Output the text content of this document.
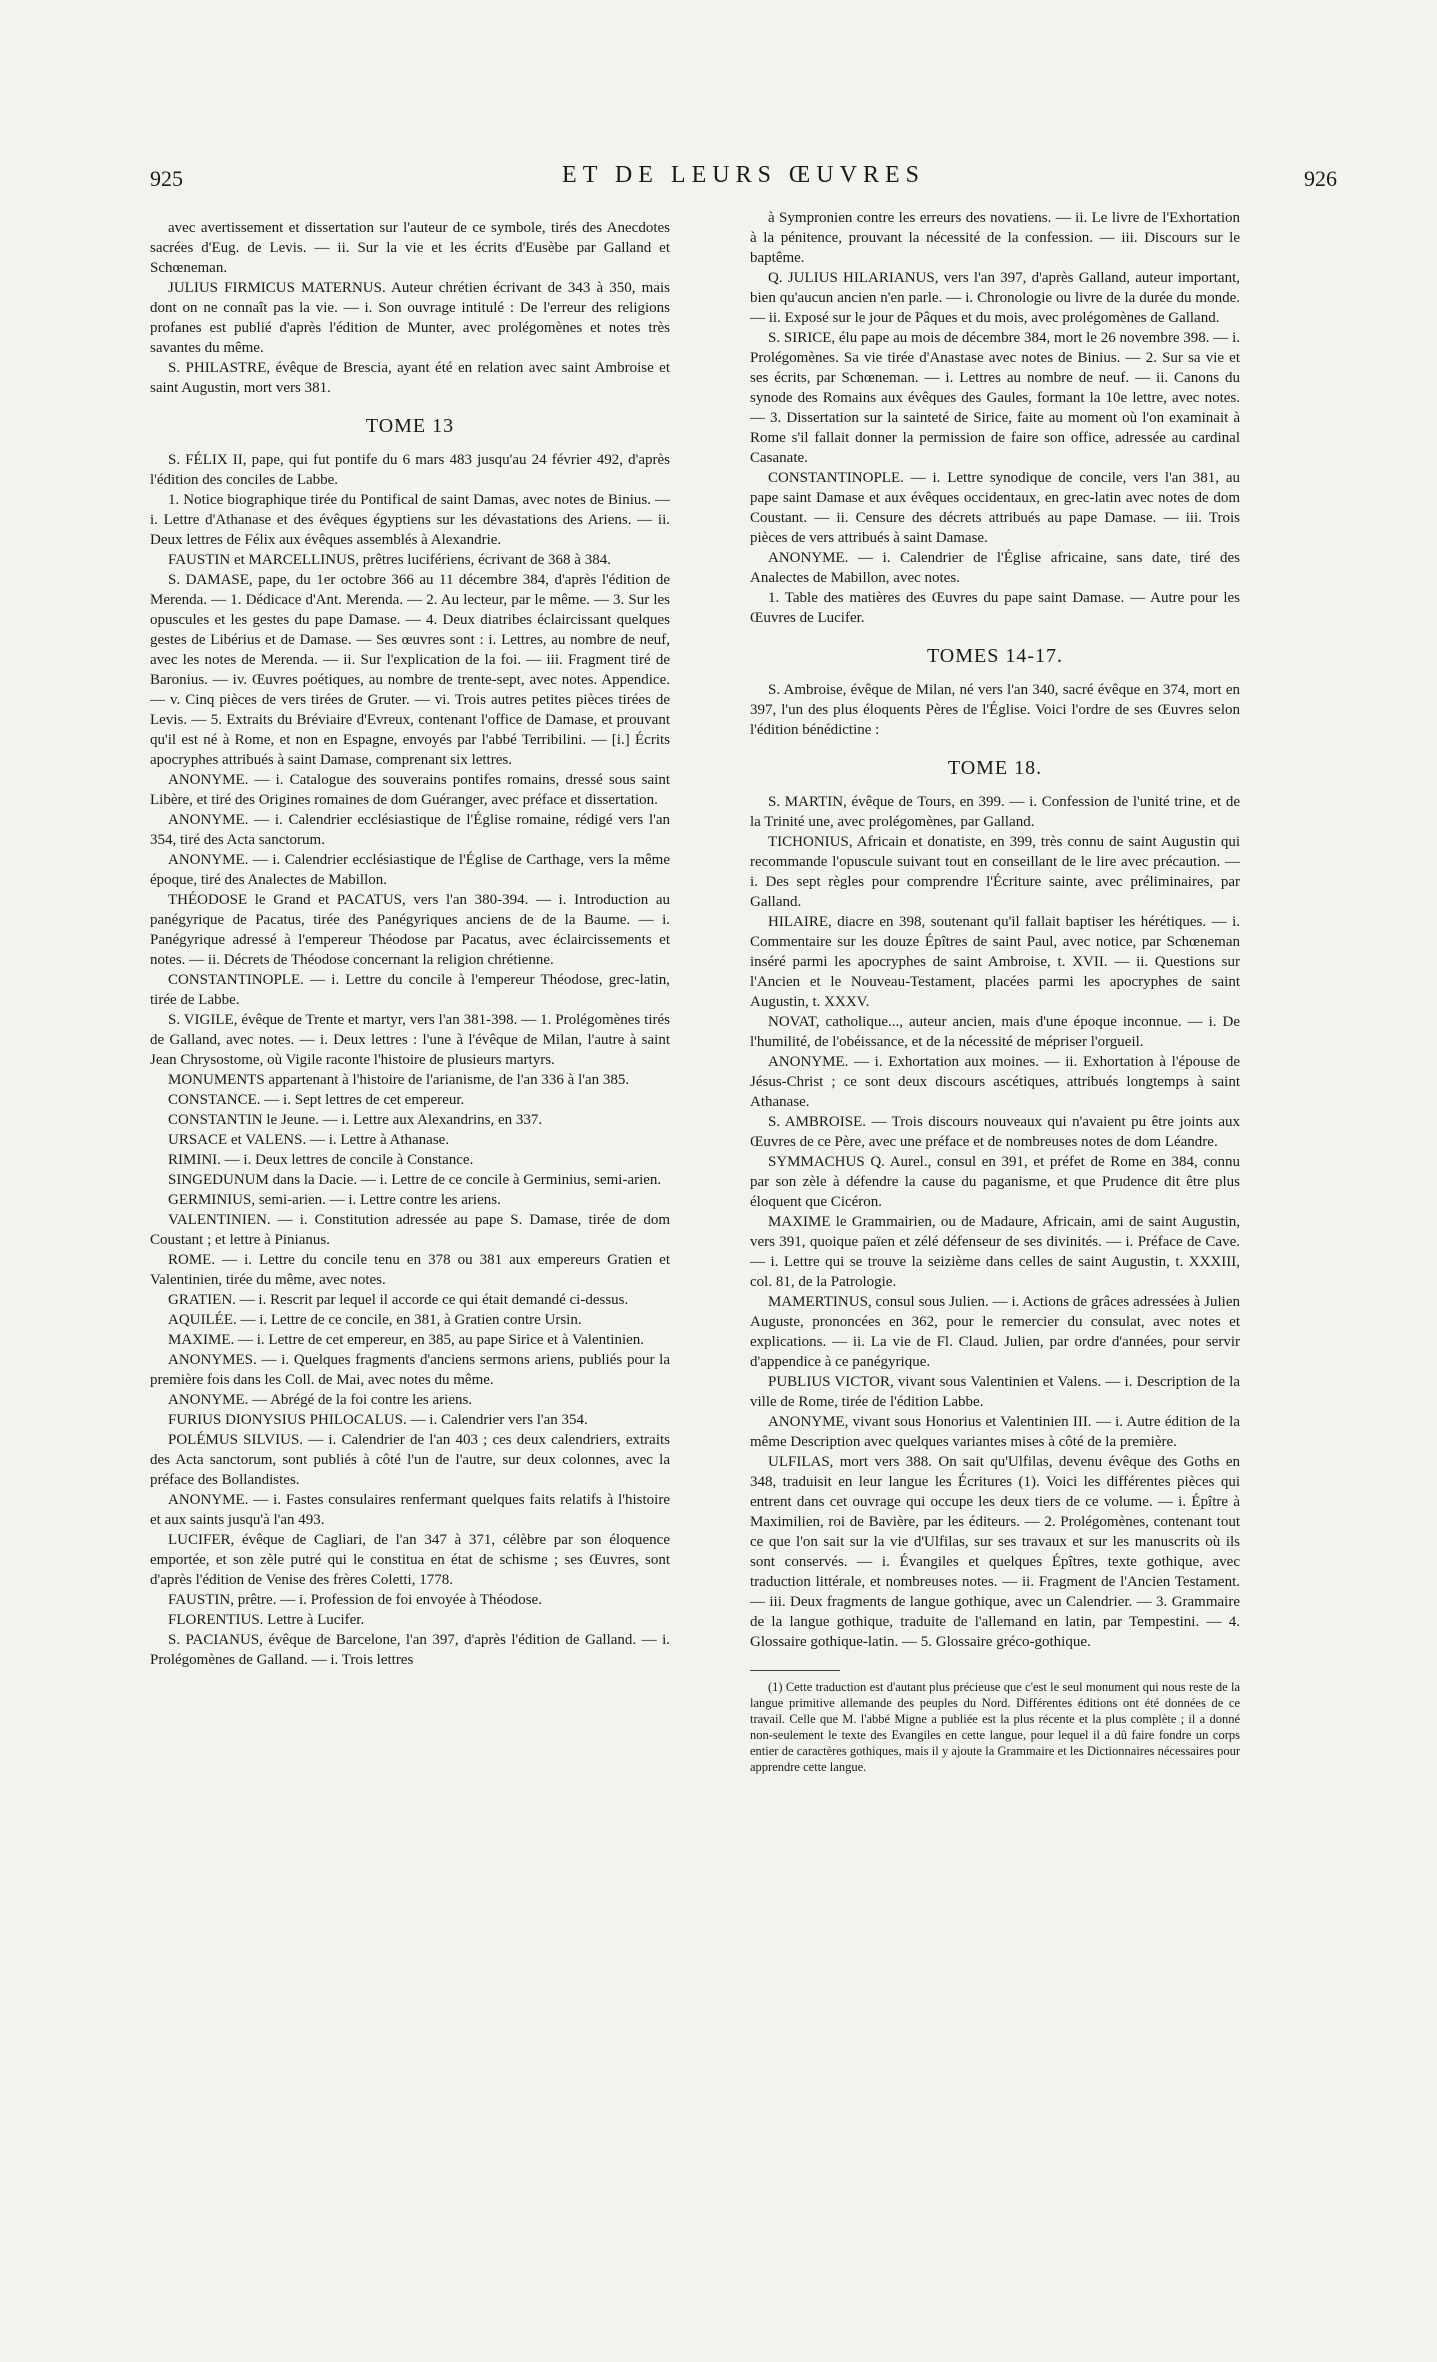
925	ET DE LEURS ŒUVRES	926

avec avertissement et dissertation sur l'auteur de ce symbole, tirés des Anecdotes sacrées d'Eug. de Levis. — ii. Sur la vie et les écrits d'Eusèbe par Galland et Schœneman.

JULIUS FIRMICUS MATERNUS. Auteur chrétien écrivant de 343 à 350, mais dont on ne connaît pas la vie. — i. Son ouvrage intitulé : De l'erreur des religions profanes est publié d'après l'édition de Munter, avec prolégomènes et notes très savantes du même.

S. PHILASTRE, évêque de Brescia, ayant été en relation avec saint Ambroise et saint Augustin, mort vers 381.

TOME 13

S. FÉLIX II, pape, qui fut pontife du 6 mars 483 jusqu'au 24 février 492, d'après l'édition des conciles de Labbe.

1. Notice biographique tirée du Pontifical de saint Damas, avec notes de Binius. — i. Lettre d'Athanase et des évêques égyptiens sur les dévastations des Ariens. — ii. Deux lettres de Félix aux évêques assemblés à Alexandrie.

FAUSTIN et MARCELLINUS, prêtres lucifériens, écrivant de 368 à 384.

S. DAMASE, pape, du 1er octobre 366 au 11 décembre 384, d'après l'édition de Merenda. — 1. Dédicace d'Ant. Merenda. — 2. Au lecteur, par le même. — 3. Sur les opuscules et les gestes du pape Damase. — 4. Deux diatribes éclaircissant quelques gestes de Libérius et de Damase. — Ses œuvres sont : i. Lettres, au nombre de neuf, avec les notes de Merenda. — ii. Sur l'explication de la foi. — iii. Fragment tiré de Baronius. — iv. Œuvres poétiques, au nombre de trente-sept, avec notes. Appendice. — v. Cinq pièces de vers tirées de Gruter. — vi. Trois autres petites pièces tirées de Levis. — 5. Extraits du Bréviaire d'Evreux, contenant l'office de Damase, et prouvant qu'il est né à Rome, et non en Espagne, envoyés par l'abbé Terribilini. — [i.] Écrits apocryphes attribués à saint Damase, comprenant six lettres.

ANONYME. — i. Catalogue des souverains pontifes romains, dressé sous saint Libère, et tiré des Origines romaines de dom Guéranger, avec préface et dissertation.

ANONYME. — i. Calendrier ecclésiastique de l'Église romaine, rédigé vers l'an 354, tiré des Acta sanctorum.

ANONYME. — i. Calendrier ecclésiastique de l'Église de Carthage, vers la même époque, tiré des Analectes de Mabillon.

THÉODOSE le Grand et PACATUS, vers l'an 380-394. — i. Introduction au panégyrique de Pacatus, tirée des Panégyriques anciens de de la Baume. — i. Panégyrique adressé à l'empereur Théodose par Pacatus, avec éclaircissements et notes. — ii. Décrets de Théodose concernant la religion chrétienne.

CONSTANTINOPLE. — i. Lettre du concile à l'empereur Théodose, grec-latin, tirée de Labbe.

S. VIGILE, évêque de Trente et martyr, vers l'an 381-398. — 1. Prolégomènes tirés de Galland, avec notes. — i. Deux lettres : l'une à l'évêque de Milan, l'autre à saint Jean Chrysostome, où Vigile raconte l'histoire de plusieurs martyrs.

MONUMENTS appartenant à l'histoire de l'arianisme, de l'an 336 à l'an 385.

CONSTANCE. — i. Sept lettres de cet empereur.

CONSTANTIN le Jeune. — i. Lettre aux Alexandrins, en 337.

URSACE et VALENS. — i. Lettre à Athanase.

RIMINI. — i. Deux lettres de concile à Constance.

SINGEDUNUM dans la Dacie. — i. Lettre de ce concile à Germinius, semi-arien.

GERMINIUS, semi-arien. — i. Lettre contre les ariens.

VALENTINIEN. — i. Constitution adressée au pape S. Damase, tirée de dom Coustant ; et lettre à Pinianus.

ROME. — i. Lettre du concile tenu en 378 ou 381 aux empereurs Gratien et Valentinien, tirée du même, avec notes.

GRATIEN. — i. Rescrit par lequel il accorde ce qui était demandé ci-dessus.

AQUILÉE. — i. Lettre de ce concile, en 381, à Gratien contre Ursin.

MAXIME. — i. Lettre de cet empereur, en 385, au pape Sirice et à Valentinien.

ANONYMES. — i. Quelques fragments d'anciens sermons ariens, publiés pour la première fois dans les Coll. de Mai, avec notes du même.

ANONYME. — Abrégé de la foi contre les ariens.

FURIUS DIONYSIUS PHILOCALUS. — i. Calendrier vers l'an 354.

POLÉMUS SILVIUS. — i. Calendrier de l'an 403 ; ces deux calendriers, extraits des Acta sanctorum, sont publiés à côté l'un de l'autre, sur deux colonnes, avec la préface des Bollandistes.

ANONYME. — i. Fastes consulaires renfermant quelques faits relatifs à l'histoire et aux saints jusqu'à l'an 493.

LUCIFER, évêque de Cagliari, de l'an 347 à 371, célèbre par son éloquence emportée, et son zèle putré qui le constitua en état de schisme ; ses Œuvres, sont d'après l'édition de Venise des frères Coletti, 1778.

FAUSTIN, prêtre. — i. Profession de foi envoyée à Théodose.

FLORENTIUS. Lettre à Lucifer.

S. PACIANUS, évêque de Barcelone, l'an 397, d'après l'édition de Galland. — i. Prolégomènes de Galland. — i. Trois lettres

à Sympronien contre les erreurs des novatiens. — ii. Le livre de l'Exhortation à la pénitence, prouvant la nécessité de la confession. — iii. Discours sur le baptême.

Q. JULIUS HILARIANUS, vers l'an 397, d'après Galland, auteur important, bien qu'aucun ancien n'en parle. — i. Chronologie ou livre de la durée du monde. — ii. Exposé sur le jour de Pâques et du mois, avec prolégomènes de Galland.

S. SIRICE, élu pape au mois de décembre 384, mort le 26 novembre 398. — i. Prolégomènes. Sa vie tirée d'Anastase avec notes de Binius. — 2. Sur sa vie et ses écrits, par Schœneman. — i. Lettres au nombre de neuf. — ii. Canons du synode des Romains aux évêques des Gaules, formant la 10e lettre, avec notes. — 3. Dissertation sur la sainteté de Sirice, faite au moment où l'on examinait à Rome s'il fallait donner la permission de faire son office, adressée au cardinal Casanate.

CONSTANTINOPLE. — i. Lettre synodique de concile, vers l'an 381, au pape saint Damase et aux évêques occidentaux, en grec-latin avec notes de dom Coustant. — ii. Censure des décrets attribués au pape Damase. — iii. Trois pièces de vers attribués à saint Damase.

ANONYME. — i. Calendrier de l'Église africaine, sans date, tiré des Analectes de Mabillon, avec notes.

1. Table des matières des Œuvres du pape saint Damase. — Autre pour les Œuvres de Lucifer.

TOMES 14-17.

S. Ambroise, évêque de Milan, né vers l'an 340, sacré évêque en 374, mort en 397, l'un des plus éloquents Pères de l'Église. Voici l'ordre de ses Œuvres selon l'édition bénédictine :

TOME 18.

S. MARTIN, évêque de Tours, en 399. — i. Confession de l'unité trine, et de la Trinité une, avec prolégomènes, par Galland.

TICHONIUS, Africain et donatiste, en 399, très connu de saint Augustin qui recommande l'opuscule suivant tout en conseillant de le lire avec précaution. — i. Des sept règles pour comprendre l'Écriture sainte, avec préliminaires, par Galland.

HILAIRE, diacre en 398, soutenant qu'il fallait baptiser les hérétiques. — i. Commentaire sur les douze Épîtres de saint Paul, avec notice, par Schœneman inséré parmi les apocryphes de saint Ambroise, t. XVII. — ii. Questions sur l'Ancien et le Nouveau-Testament, placées parmi les apocryphes de saint Augustin, t. XXXV.

NOVAT, catholique..., auteur ancien, mais d'une époque inconnue. — i. De l'humilité, de l'obéissance, et de la nécessité de mépriser l'orgueil.

ANONYME. — i. Exhortation aux moines. — ii. Exhortation à l'épouse de Jésus-Christ ; ce sont deux discours ascétiques, attribués longtemps à saint Athanase.

S. AMBROISE. — Trois discours nouveaux qui n'avaient pu être joints aux Œuvres de ce Père, avec une préface et de nombreuses notes de dom Léandre.

SYMMACHUS Q. Aurel., consul en 391, et préfet de Rome en 384, connu par son zèle à défendre la cause du paganisme, et que Prudence dit être plus éloquent que Cicéron.

MAXIME le Grammairien, ou de Madaure, Africain, ami de saint Augustin, vers 391, quoique païen et zélé défenseur de ses divinités. — i. Préface de Cave. — i. Lettre qui se trouve la seizième dans celles de saint Augustin, t. XXXIII, col. 81, de la Patrologie.

MAMERTINUS, consul sous Julien. — i. Actions de grâces adressées à Julien Auguste, prononcées en 362, pour le remercier du consulat, avec notes et explications. — ii. La vie de Fl. Claud. Julien, par ordre d'années, pour servir d'appendice à ce panégyrique.

PUBLIUS VICTOR, vivant sous Valentinien et Valens. — i. Description de la ville de Rome, tirée de l'édition Labbe.

ANONYME, vivant sous Honorius et Valentinien III. — i. Autre édition de la même Description avec quelques variantes mises à côté de la première.

ULFILAS, mort vers 388. On sait qu'Ulfilas, devenu évêque des Goths en 348, traduisit en leur langue les Écritures (1). Voici les différentes pièces qui entrent dans cet ouvrage qui occupe les deux tiers de ce volume. — i. Épître à Maximilien, roi de Bavière, par les éditeurs. — 2. Prolégomènes, contenant tout ce que l'on sait sur la vie d'Ulfilas, sur ses travaux et sur les manuscrits où ils sont conservés. — i. Évangiles et quelques Épîtres, texte gothique, avec traduction littérale, et nombreuses notes. — ii. Fragment de l'Ancien Testament. — iii. Deux fragments de langue gothique, avec un Calendrier. — 3. Grammaire de la langue gothique, traduite de l'allemand en latin, par Tempestini. — 4. Glossaire gothique-latin. — 5. Glossaire gréco-gothique.

(1) Cette traduction est d'autant plus précieuse que c'est le seul monument qui nous reste de la langue primitive allemande des peuples du Nord. Différentes éditions ont été données de ce travail. Celle que M. l'abbé Migne a publiée est la plus récente et la plus complète ; il a donné non-seulement le texte des Evangiles en cette langue, pour lequel il a dû faire fondre un corps entier de caractères gothiques, mais il y ajoute la Grammaire et les Dictionnaires nécessaires pour apprendre cette langue.
